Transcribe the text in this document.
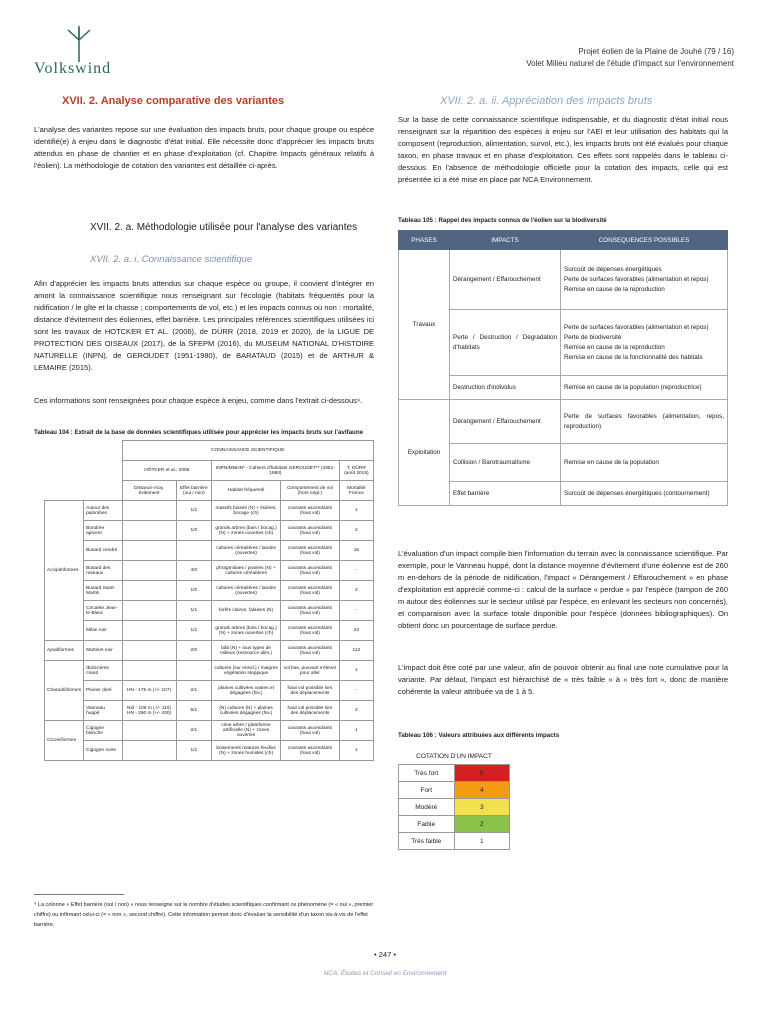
Volkswind
Projet éolien de la Plaine de Jouhé (79 / 16)
Volet Milieu naturel de l'étude d'impact sur l'environnement
XVII. 2. Analyse comparative des variantes
L'analyse des variantes repose sur une évaluation des impacts bruts, pour chaque groupe ou espèce identifié(e) à enjeu dans le diagnostic d'état initial. Elle nécessite donc d'apprécier les impacts bruts attendus en phase de chantier et en phase d'exploitation (cf. Chapitre Impacts généraux relatifs à l'éolien). La méthodologie de cotation des variantes est détaillée ci-après.
XVII. 2. a. Méthodologie utilisée pour l'analyse des variantes
XVII. 2. a. i. Connaissance scientifique
Afin d'apprécier les impacts bruts attendus sur chaque espèce ou groupe, il convient d'intégrer en amont la connaissance scientifique nous renseignant sur l'écologie (habitats fréquentés pour la nidification / le gîte et la chasse ; comportements de vol, etc.) et les impacts connus ou non : mortalité, distance d'évitement des éoliennes, effet barrière. Les principales références scientifiques utilisées ici sont les travaux de HOTCKER ET AL. (2006), de DÜRR (2018, 2019 et 2020), de la LIGUE DE PROTECTION DES OISEAUX (2017), de la SFEPM (2016), du MUSEUM NATIONAL D'HISTOIRE NATURELLE (INPN), de GEROUDET (1951-1980), de BARATAUD (2015) et de ARTHUR & LEMAIRE (2015).
Ces informations sont renseignées pour chaque espèce à enjeu, comme dans l'extrait ci-dessous⁹.
Tableau 104 : Extrait de la base de données scientifiques utilisée pour apprécier les impacts bruts sur l'avifaune
		CONNAISSANCE SCIENTIFIQUE				
		HÖTKER et al., 2006		INPN/MNHN* - Cahiers d'habitats GEROUDET** (1951-1980)		T. DÜRR (août 2019)
		Distance moy. évitement	Effet barrière (oui / non)	Habitat fréquenté	Comportement de vol (hors migr.)	Mortalité France
Accipitriformes	Autour des palombes		1/1	massifs boisés (N) + lisières, bocage (ch)	courants ascendants (haut vol)	1
	Bondrée apivore		1/0	grands arbres (bois / bocag.)(N) + zones ouvertes (ch)	courants ascendants (haut vol)	2
	Busard cendré			cultures céréalières / landes (ouvertes)	courants ascendants (haut vol)	15
	Busard des roseaux		4/0	phragmitaies / prairies (N) + cultures céréalières	courants ascendants (haut vol)	-
	Busard Saint-Martin		1/0	cultures céréalières / landes (ouvertes)	courants ascendants (haut vol)	2
	Circaète Jean-le-Blanc		1/1	forêts claires, falaises (N)	courants ascendants (haut vol)	-
	Milan noir		1/1	grands arbres (bois / bocag.)(N) + zones ouvertes (ch)	courants ascendants (haut vol)	22
Apodiformes	Martinet noir		2/0	bâti (N) + tous types de milieux (ressource alim.)	courants ascendants (haut vol)	112
Charadriiformes	Œdicnème criard			cultures (sur ensol.) / maigres végétation steppique	vol bas, pouvant s'élever pour aller	1
	Pluvier doré	HN - 175 m (+/- 107)	2/1	plaines cultivées vastes et dégagées (hiv.)	haut vol possible lors des déplacements	-
	Vanneau huppé	Nid - 108 m (+/- 110) HN - 260 m (+/- 430)	5/1	(N) cultures (N) + plaines cultivées dégagées (hiv.)	haut vol possible lors des déplacements	2
Ciconiiformes	Cigogne blanche		2/1	cime arbre / plateforme artificielle (N) + zones ouvertes	courants ascendants (haut vol)	1
	Cigogne noire		1/1	boisements matures feuillus (N) + zones humides (ch)	courants ascendants (haut vol)	1
XVII. 2. a. ii. Appréciation des impacts bruts
Sur la base de cette connaissance scientifique indispensable, et du diagnostic d'état initial nous renseignant sur la répartition des espèces à enjeu sur l'AEI et leur utilisation des habitats qui la composent (reproduction, alimentation, survol, etc.), les impacts bruts ont été évalués pour chaque taxon, en phase travaux et en phase d'exploitation. Ces effets sont rappelés dans le tableau ci-dessous. En l'absence de méthodologie officielle pour la cotation des impacts, celle qui est présentée ici a été mise en place par NCA Environnement.
Tableau 105 : Rappel des impacts connus de l'éolien sur la biodiversité
PHASES	IMPACTS	CONSEQUENCES POSSIBLES
Travaux	Dérangement / Effarouchement	Surcoût de dépenses énergétiques
Perte de surfaces favorables (alimentation et repos)
Remise en cause de la reproduction
	Perte / Destruction / Dégradation d'habitats	Perte de surfaces favorables (alimentation et repos)
Perte de biodiversité
Remise en cause de la reproduction
Remise en cause de la fonctionnalité des habitats
	Destruction d'individus	Remise en cause de la population (reproductrice)
Exploitation	Dérangement / Effarouchement	Perte de surfaces favorables (alimentation, repos, reproduction)
	Collision / Barotraumatisme	Remise en cause de la population
	Effet barrière	Surcoût de dépenses énergétiques (contournement)
L'évaluation d'un impact compile bien l'information du terrain avec la connaissance scientifique. Par exemple, pour le Vanneau huppé, dont la distance moyenne d'évitement d'une éolienne est de 260 m en-dehors de la période de nidification, l'impact « Dérangement / Effarouchement » en phase d'exploitation est apprécié comme-ci : calcul de la surface « perdue » par l'espèce (tampon de 260 m autour des éoliennes sur le secteur utilisé par l'espèce, en enlevant les secteurs non concernés), et comparaison avec la surface totale disponible pour l'espèce (données bibliographiques). On obtient donc un pourcentage de surface perdue.
L'impact doit être coté par une valeur, afin de pouvoir obtenir au final une note cumulative pour la variante. Par défaut, l'impact est hiérarchisé de « très faible » à « très fort », donc de manière cohérente la valeur attribuée va de 1 à 5.
Tableau 106 : Valeurs attribuées aux différents impacts
COTATION D'UN IMPACT	
Très fort	5
Fort	4
Modéré	3
Faible	2
Très faible	1
⁹ La colonne « Effet barrière (oui / non) » nous renseigne sur le nombre d'études scientifiques confirmant ce phénomène (= « oui », premier chiffre) ou infirmant celui-ci (= « non », second chiffre). Cette information permet donc d'évaluer la sensibilité d'un taxon vis-à-vis de l'effet barrière.
• 247 •
NCA, Études et Conseil en Environnement
